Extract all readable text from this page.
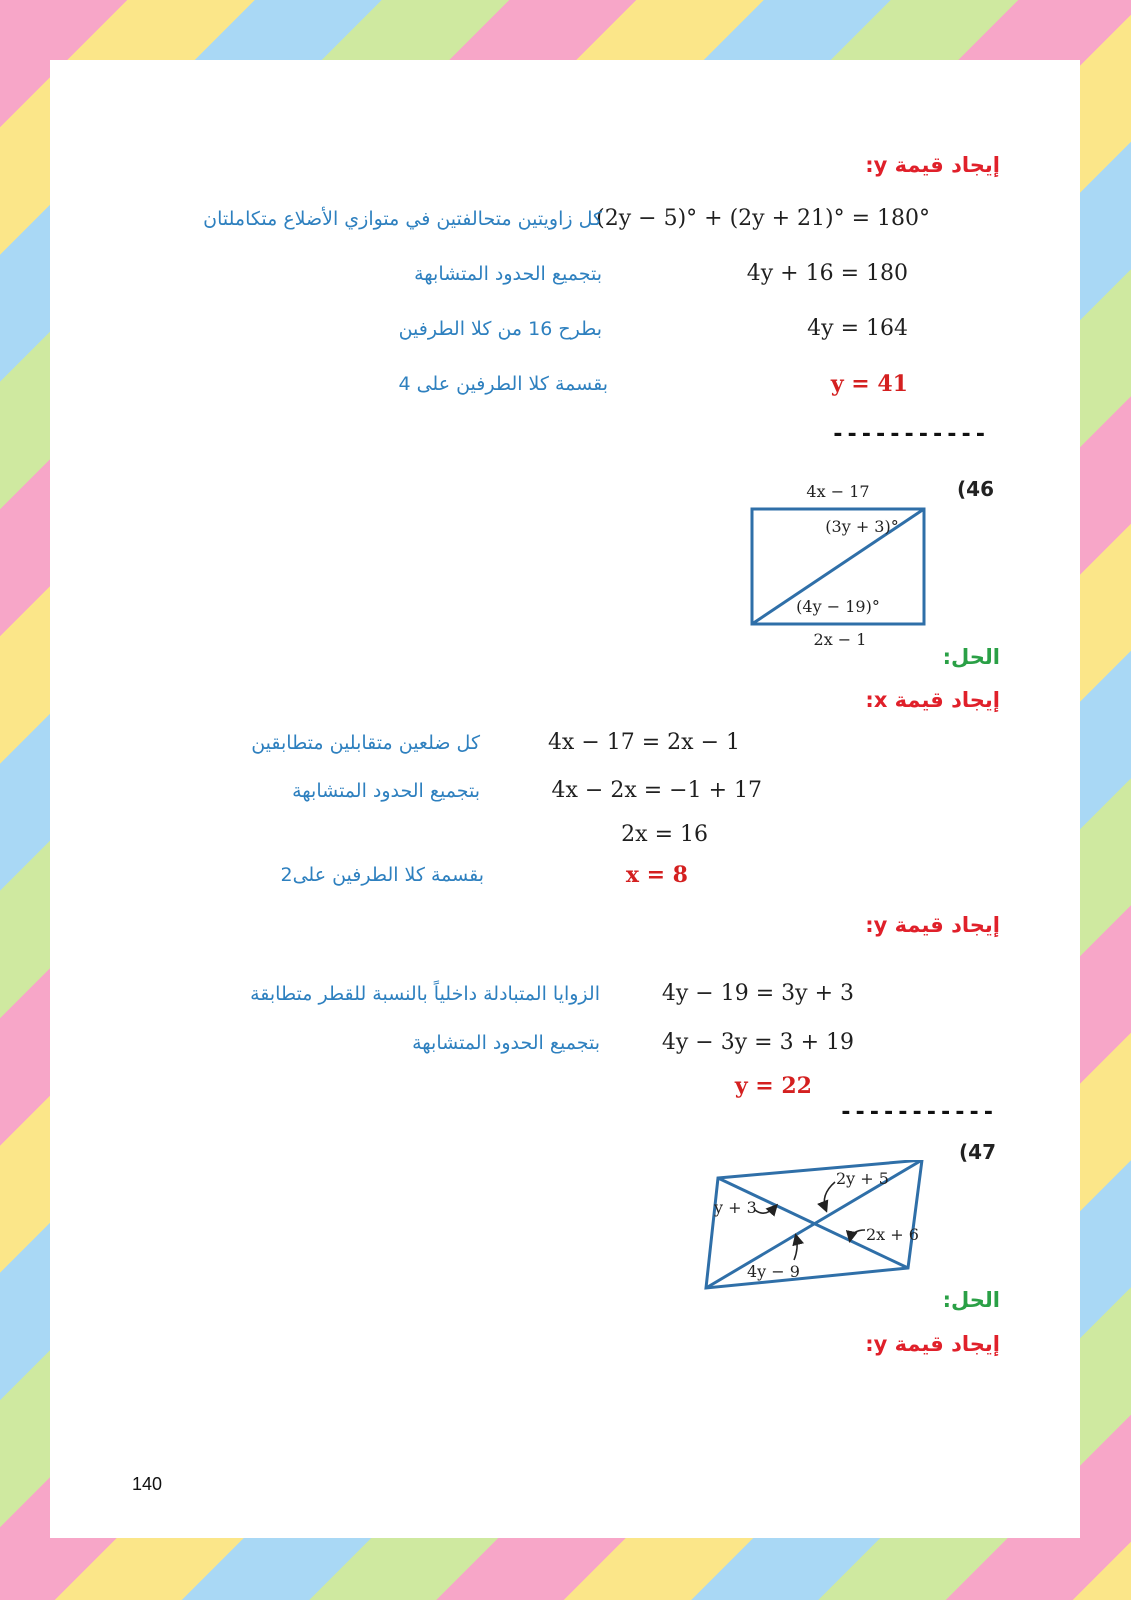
إيجاد قيمة y:
(2y − 5)° + (2y + 21)° = 180°
كل زاويتين متحالفتين في متوازي الأضلاع متكاملتان
4y + 16 = 180
بتجميع الحدود المتشابهة
4y = 164
بطرح 16 من كلا الطرفين
y = 41
بقسمة كلا الطرفين على 4
-----------
(46
4x − 17
(3y + 3)°
(4y − 19)°
2x − 1
الحل:
إيجاد قيمة x:
4x − 17 = 2x − 1
كل ضلعين متقابلين متطابقين
4x − 2x = −1 + 17
بتجميع الحدود المتشابهة
2x = 16
x = 8
بقسمة كلا الطرفين على2
إيجاد قيمة y:
4y − 19 = 3y + 3
الزوايا المتبادلة داخلياً بالنسبة للقطر متطابقة
4y − 3y = 3 + 19
بتجميع الحدود المتشابهة
y = 22
-----------
(47
y + 3
2y + 5
2x + 6
4y − 9
الحل:
إيجاد قيمة y:
140
